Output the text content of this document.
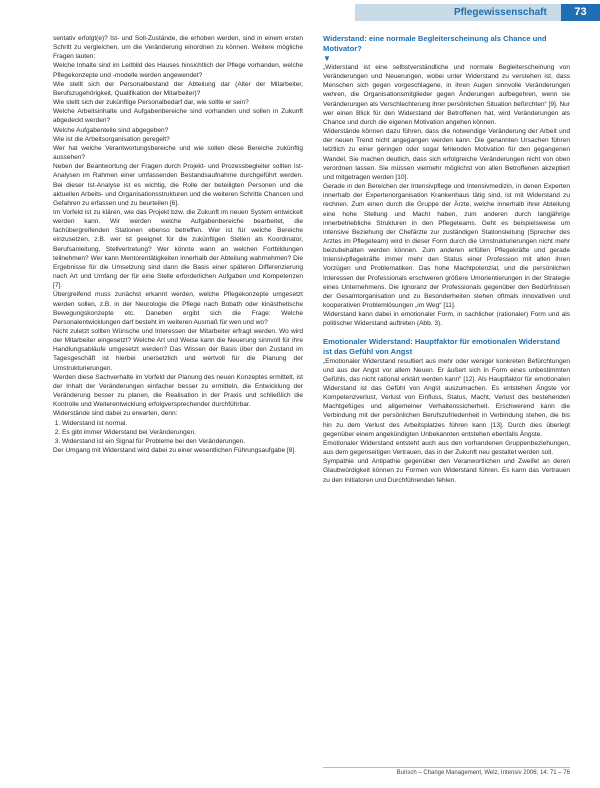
Pflegewissenschaft	73

sentativ erfolgt(e)? Ist- und Soll-Zustände, die erhoben werden, sind in einem ersten Schritt zu vergleichen, um die Veränderung einordnen zu können. Weitere mögliche Fragen lauten:

Welche Inhalte sind im Leitbild des Hauses hinsichtlich der Pflege vorhanden, welche Pflegekonzepte und -modelle werden angewendet?

Wie stellt sich der Personalbestand der Abteilung dar (Alter der Mitarbeiter, Berufszugehörigkeit, Qualifikation der Mitarbeiter)?

Wie stellt sich der zukünftige Personalbedarf dar, wie sollte er sein?

Welche Arbeitsinhalte und Aufgabenbereiche sind vorhanden und sollen in Zukunft abgedeckt werden?

Welche Aufgabenteile sind abgegeben?

Wie ist die Arbeitsorganisation geregelt?

Wer hat welche Verantwortungsbereiche und wie sollen diese Bereiche zukünftig aussehen?

Neben der Beantwortung der Fragen durch Projekt- und Prozessbegleiter sollten Ist-Analysen im Rahmen einer umfassenden Bestandsaufnahme durchgeführt werden. Bei dieser Ist-Analyse ist es wichtig, die Rolle der beteiligten Personen und die aktuellen Arbeits- und Organisationsstrukturen und die weiteren Schritte Chancen und Gefahren zu erfassen und zu beurteilen [6].

Im Vorfeld ist zu klären, wie das Projekt bzw. die Zukunft im neuen System entwickelt werden kann. Wir werden welche Aufgabenbereiche bearbeitet, die fachübergreifenden Stationen ebenso betreffen. Wer ist für welche Bereiche einzusetzen, z.B. wer ist geeignet für die zukünftigen Stellen als Koordinator, Berufsanleitung, Stellvertretung? Wer könnte wann an welchen Fortbildungen teilnehmen? Wer kann Mentorentätigkeiten innerhalb der Abteilung wahrnehmen? Die Ergebnisse für die Umsetzung sind dann die Basis einer späteren Differenzierung nach Art und Umfang der für eine Stelle erforderlichen Aufgaben und Kompetenzen [7].

Übergreifend muss zunächst erkannt werden, welche Pflegekonzepte umgesetzt werden sollen, z.B. in der Neurologie die Pflege nach Bobath oder kinästhetische Bewegungskonzepte etc. Daneben ergibt sich die Frage: Welche Personalentwicklungen darf besteht im weiteren Ausmaß für wen und wo?

Nicht zuletzt sollten Wünsche und Interessen der Mitarbeiter erfragt werden. Wo wird der Mitarbeiter eingesetzt? Welche Art und Weise kann die Neuerung sinnvoll für ihre Handlungsabläufe umgesetzt werden? Das Wissen der Basis über den Zustand im Tagesgeschäft ist hierbei unersetzlich und wertvoll für die Planung der Umstrukturierungen.

Werden diese Sachverhalte im Vorfeld der Planung des neuen Konzeptes ermittelt, ist der Inhalt der Veränderungen einfacher besser zu ermitteln, die Entwicklung der Veränderung besser zu planen, die Realisation in der Praxis und schließlich die Kontrolle und Weiterentwicklung erfolgversprechender durchführbar.

Widerstände sind dabei zu erwarten, denn:

1. Widerstand ist normal.
2. Es gibt immer Widerstand bei Veränderungen.
3. Widerstand ist ein Signal für Probleme bei den Veränderungen.

Der Umgang mit Widerstand wird dabei zu einer wesentlichen Führungsaufgabe [8].

Widerstand: eine normale Begleiterscheinung als Chance und Motivator?

▼

„Widerstand ist eine selbstverständliche und normale Begleiterscheinung von Veränderungen und Neuerungen, wobei unter Widerstand zu verstehen ist, dass Menschen sich gegen vorgeschlagene, in ihren Augen sinnvolle Veränderungen wehren, die Organisationsmitglieder gegen Änderungen aufbegehren, wenn sie Veränderungen als Verschlechterung ihrer persönlichen Situation befürchten“ [9]. Nur wer einen Blick für den Widerstand der Betroffenen hat, wird Veränderungen als Chance und durch die eigenen Motivation angehen können.

Widerstände können dazu führen, dass die notwendige Veränderung der Arbeit und der neuen Trend nicht angegangen werden kann. Die genannten Ursachen führen letztlich zu einer geringen oder sogar fehlenden Motivation für den gegangenen Wandel. Sie machen deutlich, dass sich erfolgreiche Veränderungen nicht von oben verordnen lassen. Sie müssen vielmehr möglichst von allen Betroffenen akzeptiert und mitgetragen werden [10].

Gerade in den Bereichen der Intensivpflege und Intensivmedizin, in denen Experten innerhalb der Expertenorganisation Krankenhaus tätig sind, ist mit Widerstand zu rechnen. Zum einen durch die Gruppe der Ärzte, welche innerhalb ihrer Abteilung eine hohe Stellung und Macht haben, zum anderen durch langjährige innerbetriebliche Strukturen in den Pflegeteams. Geht es beispielsweise um intensive Beziehung der Chefärzte zur zuständigen Stationsleitung (Sprecher des Arztes im Pflegeteam) wird in dieser Form durch die Umstrukturierungen nicht mehr beizubehalten werden können. Zum anderen erfüllen Pflegekräfte und gerade Intensivpflegekräfte immer mehr den Status einer Profession mit allen ihren Vorzügen und Problematiken. Das hohe Machtpotenzial, und die persönlichen Interessen der Professionals erschweren größere Umorientierungen in der Strategie eines Unternehmens. Die Ignoranz der Professionals gegenüber den Bedürfnissen der Gesamtorganisation und zu Besonderheiten stehen oftmals innovativen und kooperativen Problemlösungen „im Weg“ [11].

Widerstand kann dabei in emotionaler Form, in sachlicher (rationaler) Form und als politischer Widerstand auftreten (Abb. 3).

Emotionaler Widerstand: Hauptfaktor für emotionalen Widerstand ist das Gefühl von Angst

„Emotionaler Widerstand resultiert aus mehr oder weniger konkreten Befürchtungen und aus der Angst vor allem Neuen. Er äußert sich in Form eines unbestimmten Gefühls, das nicht rational erklärt werden kann“ [12]. Als Hauptfaktor für emotionalen Widerstand ist das Gefühl von Angst auszumachen. Es entstehen Ängste vor Kompetenzverlust, Verlust von Einfluss, Status, Macht, Verlust des bestehenden Machtgefüges und allgemeiner Verhaltenssicherheit. Erschwerend kann die Verbindung mit der persönlichen Berufszufriedenheit in Verbindung stehen, die bis hin zu dem Verlust des Arbeitsplatzes führen kann [13]. Durch dies überlegt gegenüber einem angekündigten Unbekannten entstehen ebenfalls Ängste.

Emotionaler Widerstand entsteht auch aus den vorhandenen Gruppenbeziehungen, aus dem gegenseitigen Vertrauen, das in der Zukunft neu gestaltet werden soll.

Sympathie und Antipathie gegenüber den Veranwortlichen und Zweifel an deren Glaubwürdigkeit können zu Formen von Widerstand führen. Es kann das Vertrauen zu den Initiatoren und Durchführenden fehlen.

Burisch – Change Management, Welz, Intensiv 2006; 14: 71 – 76
